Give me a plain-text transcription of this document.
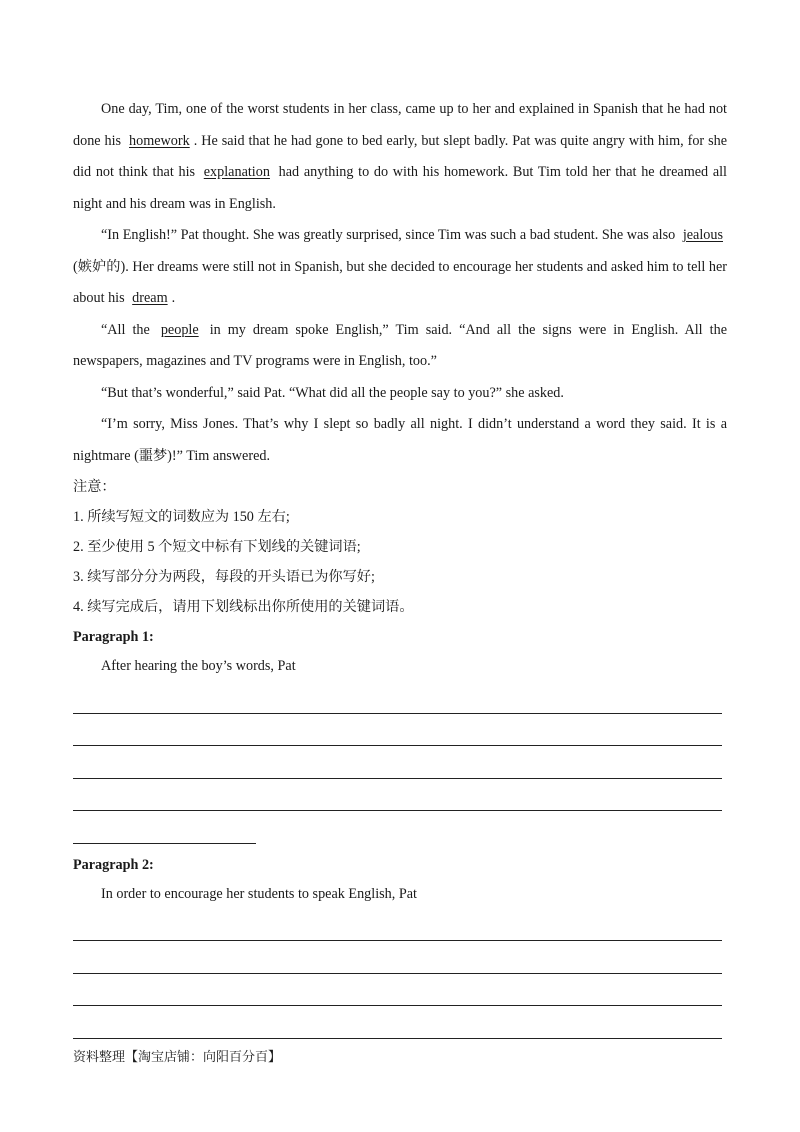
One day, Tim, one of the worst students in her class, came up to her and explained in Spanish that he had not done his homework . He said that he had gone to bed early, but slept badly. Pat was quite angry with him, for she did not think that his explanation had anything to do with his homework. But Tim told her that he dreamed all night and his dream was in English.

“In English!” Pat thought. She was greatly surprised, since Tim was such a bad student. She was also jealous (嫉妒的). Her dreams were still not in Spanish, but she decided to encourage her students and asked him to tell her about his dream .

“All the people in my dream spoke English,” Tim said. “And all the signs were in English. All the newspapers, magazines and TV programs were in English, too.”

“But that’s wonderful,” said Pat. “What did all the people say to you?” she asked.

“I’m sorry, Miss Jones. That’s why I slept so badly all night. I didn’t understand a word they said. It is a nightmare (噩梦)!” Tim answered.

注意：

1. 所续写短文的词数应为 150 左右;

2. 至少使用 5 个短文中标有下划线的关键词语;

3. 续写部分分为两段，每段的开头语已为你写好;

4. 续写完成后，请用下划线标出你所使用的关键词语。

Paragraph 1:

After hearing the boy’s words, Pat

Paragraph 2:

In order to encourage her students to speak English, Pat

资料整理【淘宝店铺：向阳百分百】
